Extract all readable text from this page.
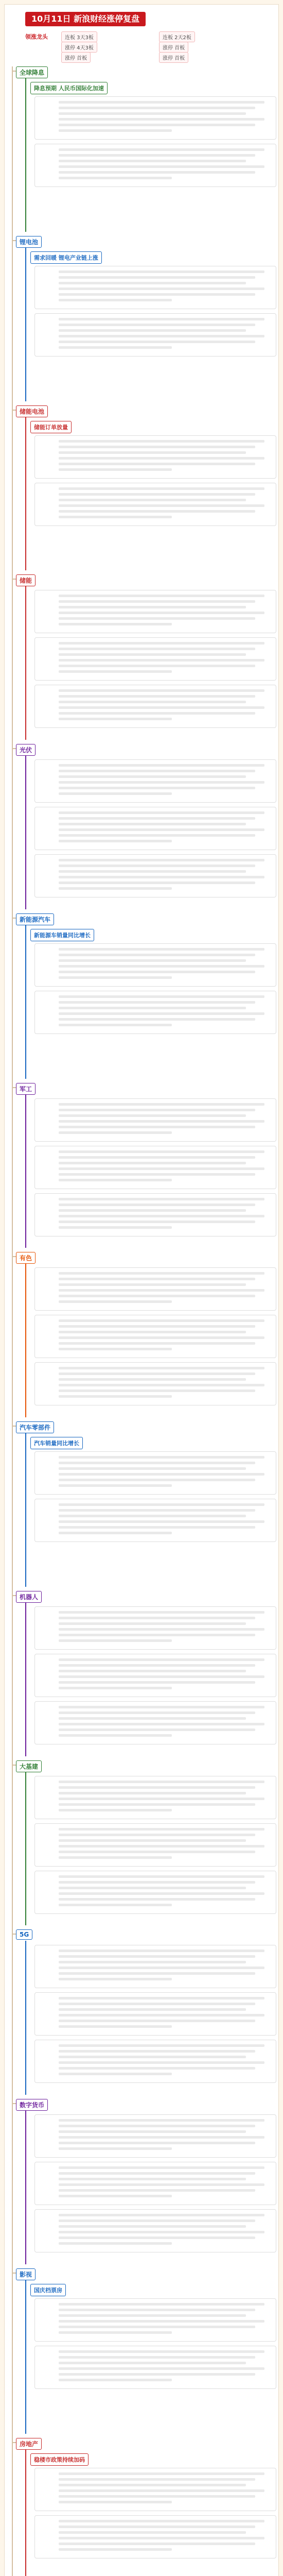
10月11日 新浪财经涨停复盘
领涨龙头	连板 3天3板	连板 2天2板
涨停 4天3板	涨停 首板
涨停 首板	涨停 首板
全球降息
降息预期 人民币国际化加速
锂电池
需求回暖 锂电产业链上涨
储能电池
储能订单放量
储能
光伏
新能源汽车
新能源车销量同比增长
军工
有色
汽车零部件
汽车销量同比增长
机器人
大基建
5G
数字货币
影视
国庆档票房
房地产
稳楼市政策持续加码
